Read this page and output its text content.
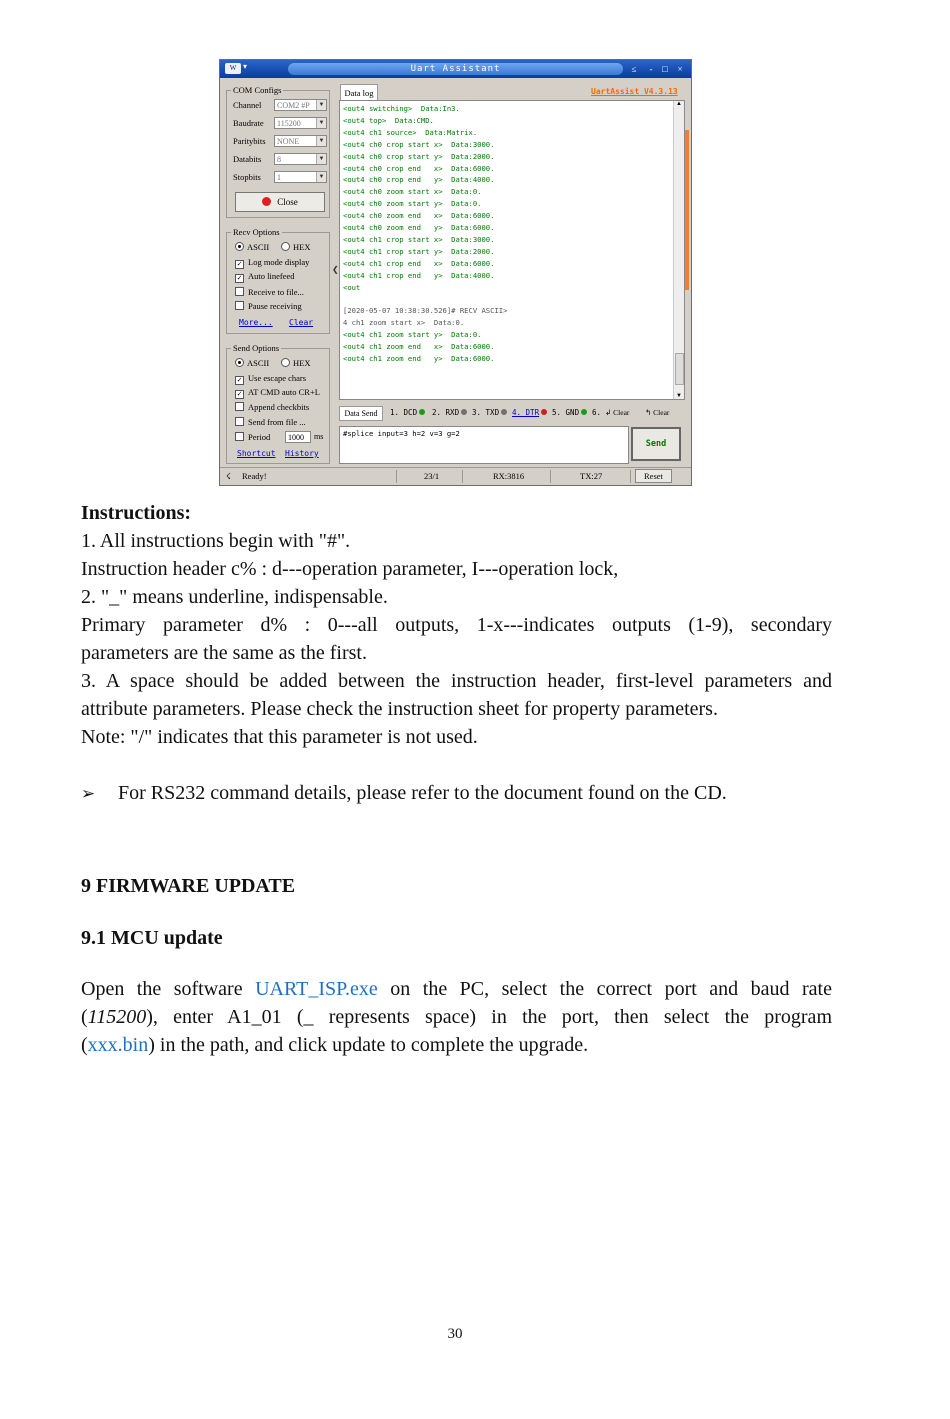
W ▾	Uart Assistant	≤	-	□	×
COM Configs
Channel	COM2 #P	▼
Baudrate	115200	▼
Paritybits	NONE	▼
Databits	8	▼
Stopbits	1	▼
Close
Recv Options
ASCII	HEX
✓ Log mode display
✓ Auto linefeed
Receive to file...
Pause receiving
More... Clear
Send Options
ASCII	HEX
✓ Use escape chars
✓ AT CMD auto CR+L
Append checkbits
Send from file ...
Period	1000	ms
Shortcut History
❮
Data log	UartAssist V4.3.13
<out4 switching>  Data:In3.
<out4 top>  Data:CMD.
<out4 ch1 source>  Data:Matrix.
<out4 ch0 crop start x>  Data:3000.
<out4 ch0 crop start y>  Data:2000.
<out4 ch0 crop end   x>  Data:6000.
<out4 ch0 crop end   y>  Data:4000.
<out4 ch0 zoom start x>  Data:0.
<out4 ch0 zoom start y>  Data:0.
<out4 ch0 zoom end   x>  Data:6000.
<out4 ch0 zoom end   y>  Data:6000.
<out4 ch1 crop start x>  Data:3000.
<out4 ch1 crop start y>  Data:2000.
<out4 ch1 crop end   x>  Data:6000.
<out4 ch1 crop end   y>  Data:4000.
<out
[2020-05-07 10:38:30.526]# RECV ASCII>
4 ch1 zoom start x>  Data:0.
<out4 ch1 zoom start y>  Data:0.
<out4 ch1 zoom end   x>  Data:6000.
<out4 ch1 zoom end   y>  Data:6000.
▲
▼
Data Send	1. DCD	2. RXD	3. TXD	4. DTR	5. GND	6. ↲ Clear ↰ Clear
#splice input=3 h=2 v=3 g=2
Send
☇ Ready!	23/1	RX:3816	TX:27	Reset
Instructions:
1. All instructions begin with "#".
Instruction header c% : d---operation parameter, I---operation lock,
2. "_" means underline, indispensable.
Primary parameter d% : 0---all outputs, 1-x---indicates outputs (1-9), secondary
parameters are the same as the first.
3. A space should be added between the instruction header, first-level parameters and
attribute parameters. Please check the instruction sheet for property parameters.
Note: "/" indicates that this parameter is not used.
➢ For RS232 command details, please refer to the document found on the CD.
9 FIRMWARE UPDATE
9.1 MCU update
Open the software UART_ISP.exe on the PC, select the correct port and baud rate
(115200), enter A1_01 (_ represents space) in the port, then select the program
(xxx.bin) in the path, and click update to complete the upgrade.
30
